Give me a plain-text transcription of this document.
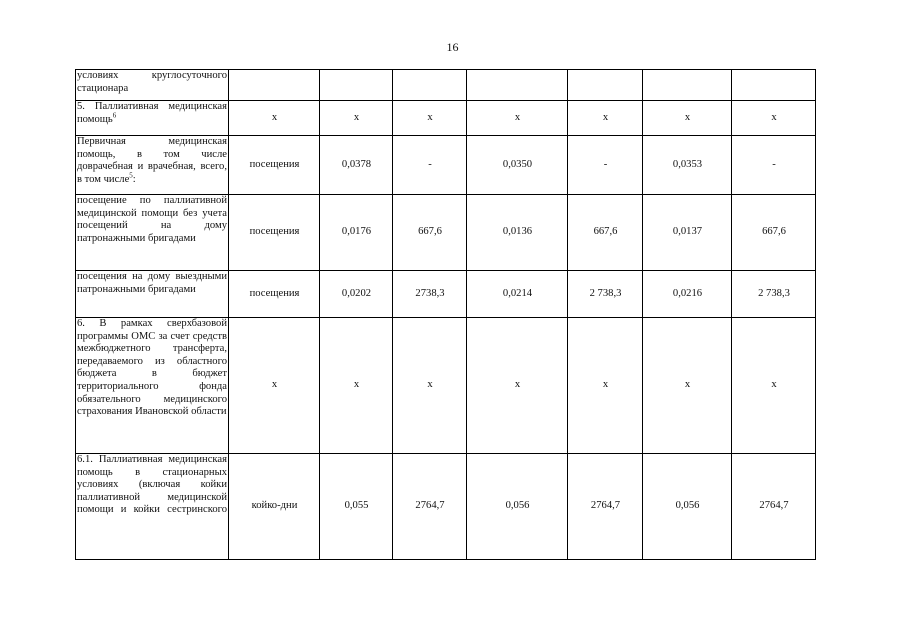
16
условиях круглосуточного стационара							
5. Паллиативная медицинская помощь$^6$	х	х	х	х	х	х	х
Первичная медицинская помощь, в том числе доврачебная и врачебная, всего, в том числе$^5$:	посещения	0,0378	-	0,0350	-	0,0353	-
посещение по паллиативной медицинской помощи без учета посещений на дому патронажными бригадами	посещения	0,0176	667,6	0,0136	667,6	0,0137	667,6
посещения на дому выездными патронажными бригадами	посещения	0,0202	2738,3	0,0214	2 738,3	0,0216	2 738,3
6. В рамках сверхбазовой программы ОМС за счет средств межбюджетного трансферта, передаваемого из областного бюджета в бюджет территориального фонда обязательного медицинского страхования Ивановской области	х	х	х	х	х	х	х
6.1. Паллиативная медицинская помощь в стационарных условиях (включая койки паллиативной медицинской помощи и койки сестринского	койко-дни	0,055	2764,7	0,056	2764,7	0,056	2764,7
